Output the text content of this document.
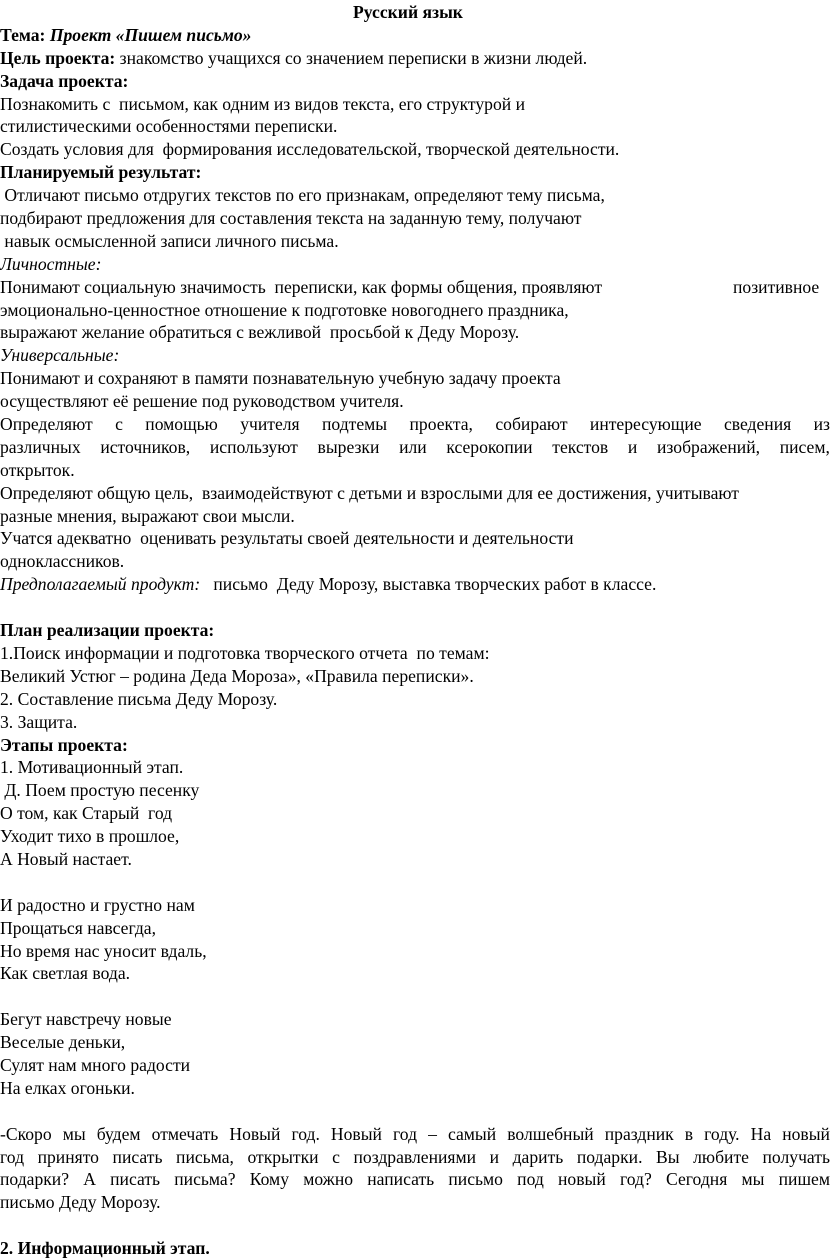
Русский язык
Тема: Проект «Пишем письмо»
Цель проекта: знакомство учащихся со значением переписки в жизни людей.
Задача проекта:
Познакомить с  письмом, как одним из видов текста, его структурой и
стилистическими особенностями переписки.
Создать условия для  формирования исследовательской, творческой деятельности.
Планируемый результат:
Отличают письмо отдругих текстов по его признакам, определяют тему письма,
подбирают предложения для составления текста на заданную тему, получают
навык осмысленной записи личного письма.
Личностные:
Понимают социальную значимость  переписки, как формы общения, проявляют	позитивное
эмоционально-ценностное отношение к подготовке новогоднего праздника,
выражают желание обратиться с вежливой  просьбой к Деду Морозу.
Универсальные:
Понимают и сохраняют в памяти познавательную учебную задачу проекта
осуществляют её решение под руководством учителя.
Определяют с помощью учителя подтемы проекта, собирают интересующие сведения из
различных источников, используют вырезки или ксерокопии текстов и изображений, писем,
открыток.
Определяют общую цель,  взаимодействуют с детьми и взрослыми для ее достижения, учитывают
разные мнения, выражают свои мысли.
Учатся адекватно  оценивать результаты своей деятельности и деятельности
одноклассников.
Предполагаемый продукт:   письмо  Деду Морозу, выставка творческих работ в классе.
План реализации проекта:
1.Поиск информации и подготовка творческого отчета  по темам:
Великий Устюг – родина Деда Мороза», «Правила переписки».
2. Составление письма Деду Морозу.
3. Защита.
Этапы проекта:
1. Мотивационный этап.
Д. Поем простую песенку
О том, как Старый  год
Уходит тихо в прошлое,
А Новый настает.
И радостно и грустно нам
Прощаться навсегда,
Но время нас уносит вдаль,
Как светлая вода.
Бегут навстречу новые
Веселые деньки,
Сулят нам много радости
На елках огоньки.
-Скоро мы будем отмечать Новый год. Новый год – самый волшебный праздник в году. На новый
год принято писать письма, открытки с поздравлениями и дарить подарки. Вы любите получать
подарки? А писать письма? Кому можно написать письмо под новый год? Сегодня мы пишем
письмо Деду Морозу.
2. Информационный этап.
